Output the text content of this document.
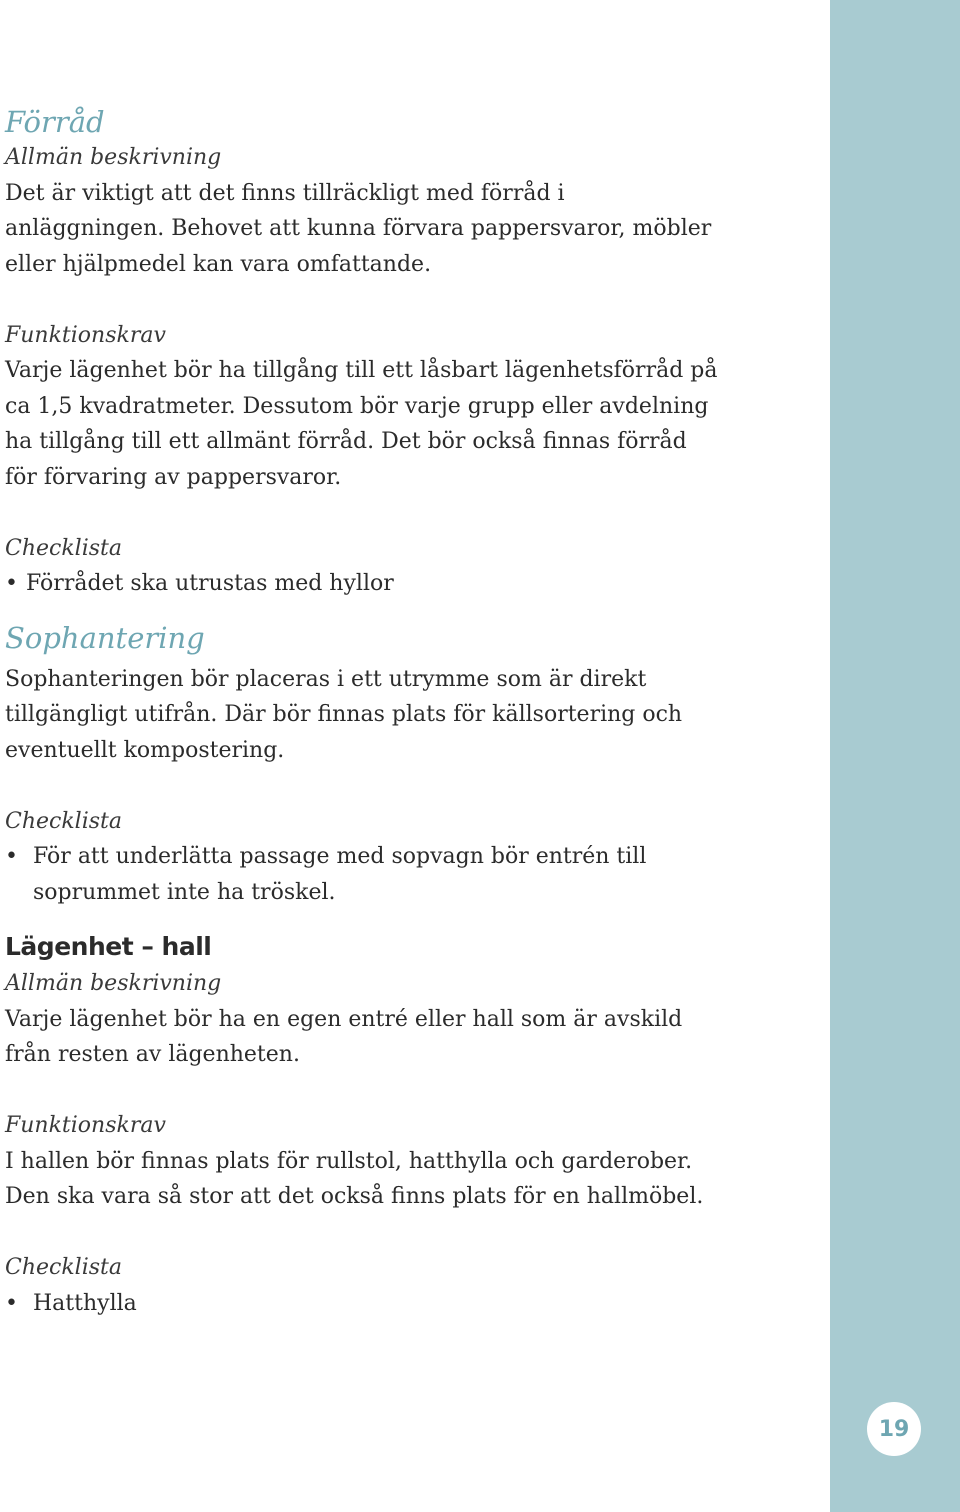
19
Förråd
Allmän beskrivning
Det är viktigt att det finns tillräckligt med förråd i
anläggningen. Behovet att kunna förvara pappersvaror, möbler
eller hjälpmedel kan vara omfattande.
Funktionskrav
Varje lägenhet bör ha tillgång till ett låsbart lägenhetsförråd på
ca 1,5 kvadratmeter. Dessutom bör varje grupp eller avdelning
ha tillgång till ett allmänt förråd. Det bör också finnas förråd
för förvaring av pappersvaror.
Checklista
• Förrådet ska utrustas med hyllor
Sophantering
Sophanteringen bör placeras i ett utrymme som är direkt
tillgängligt utifrån. Där bör finnas plats för källsortering och
eventuellt kompostering.
Checklista
• För att underlätta passage med sopvagn bör entrén till
soprummet inte ha tröskel.
Lägenhet – hall
Allmän beskrivning
Varje lägenhet bör ha en egen entré eller hall som är avskild
från resten av lägenheten.
Funktionskrav
I hallen bör finnas plats för rullstol, hatthylla och garderober.
Den ska vara så stor att det också finns plats för en hallmöbel.
Checklista
• Hatthylla
